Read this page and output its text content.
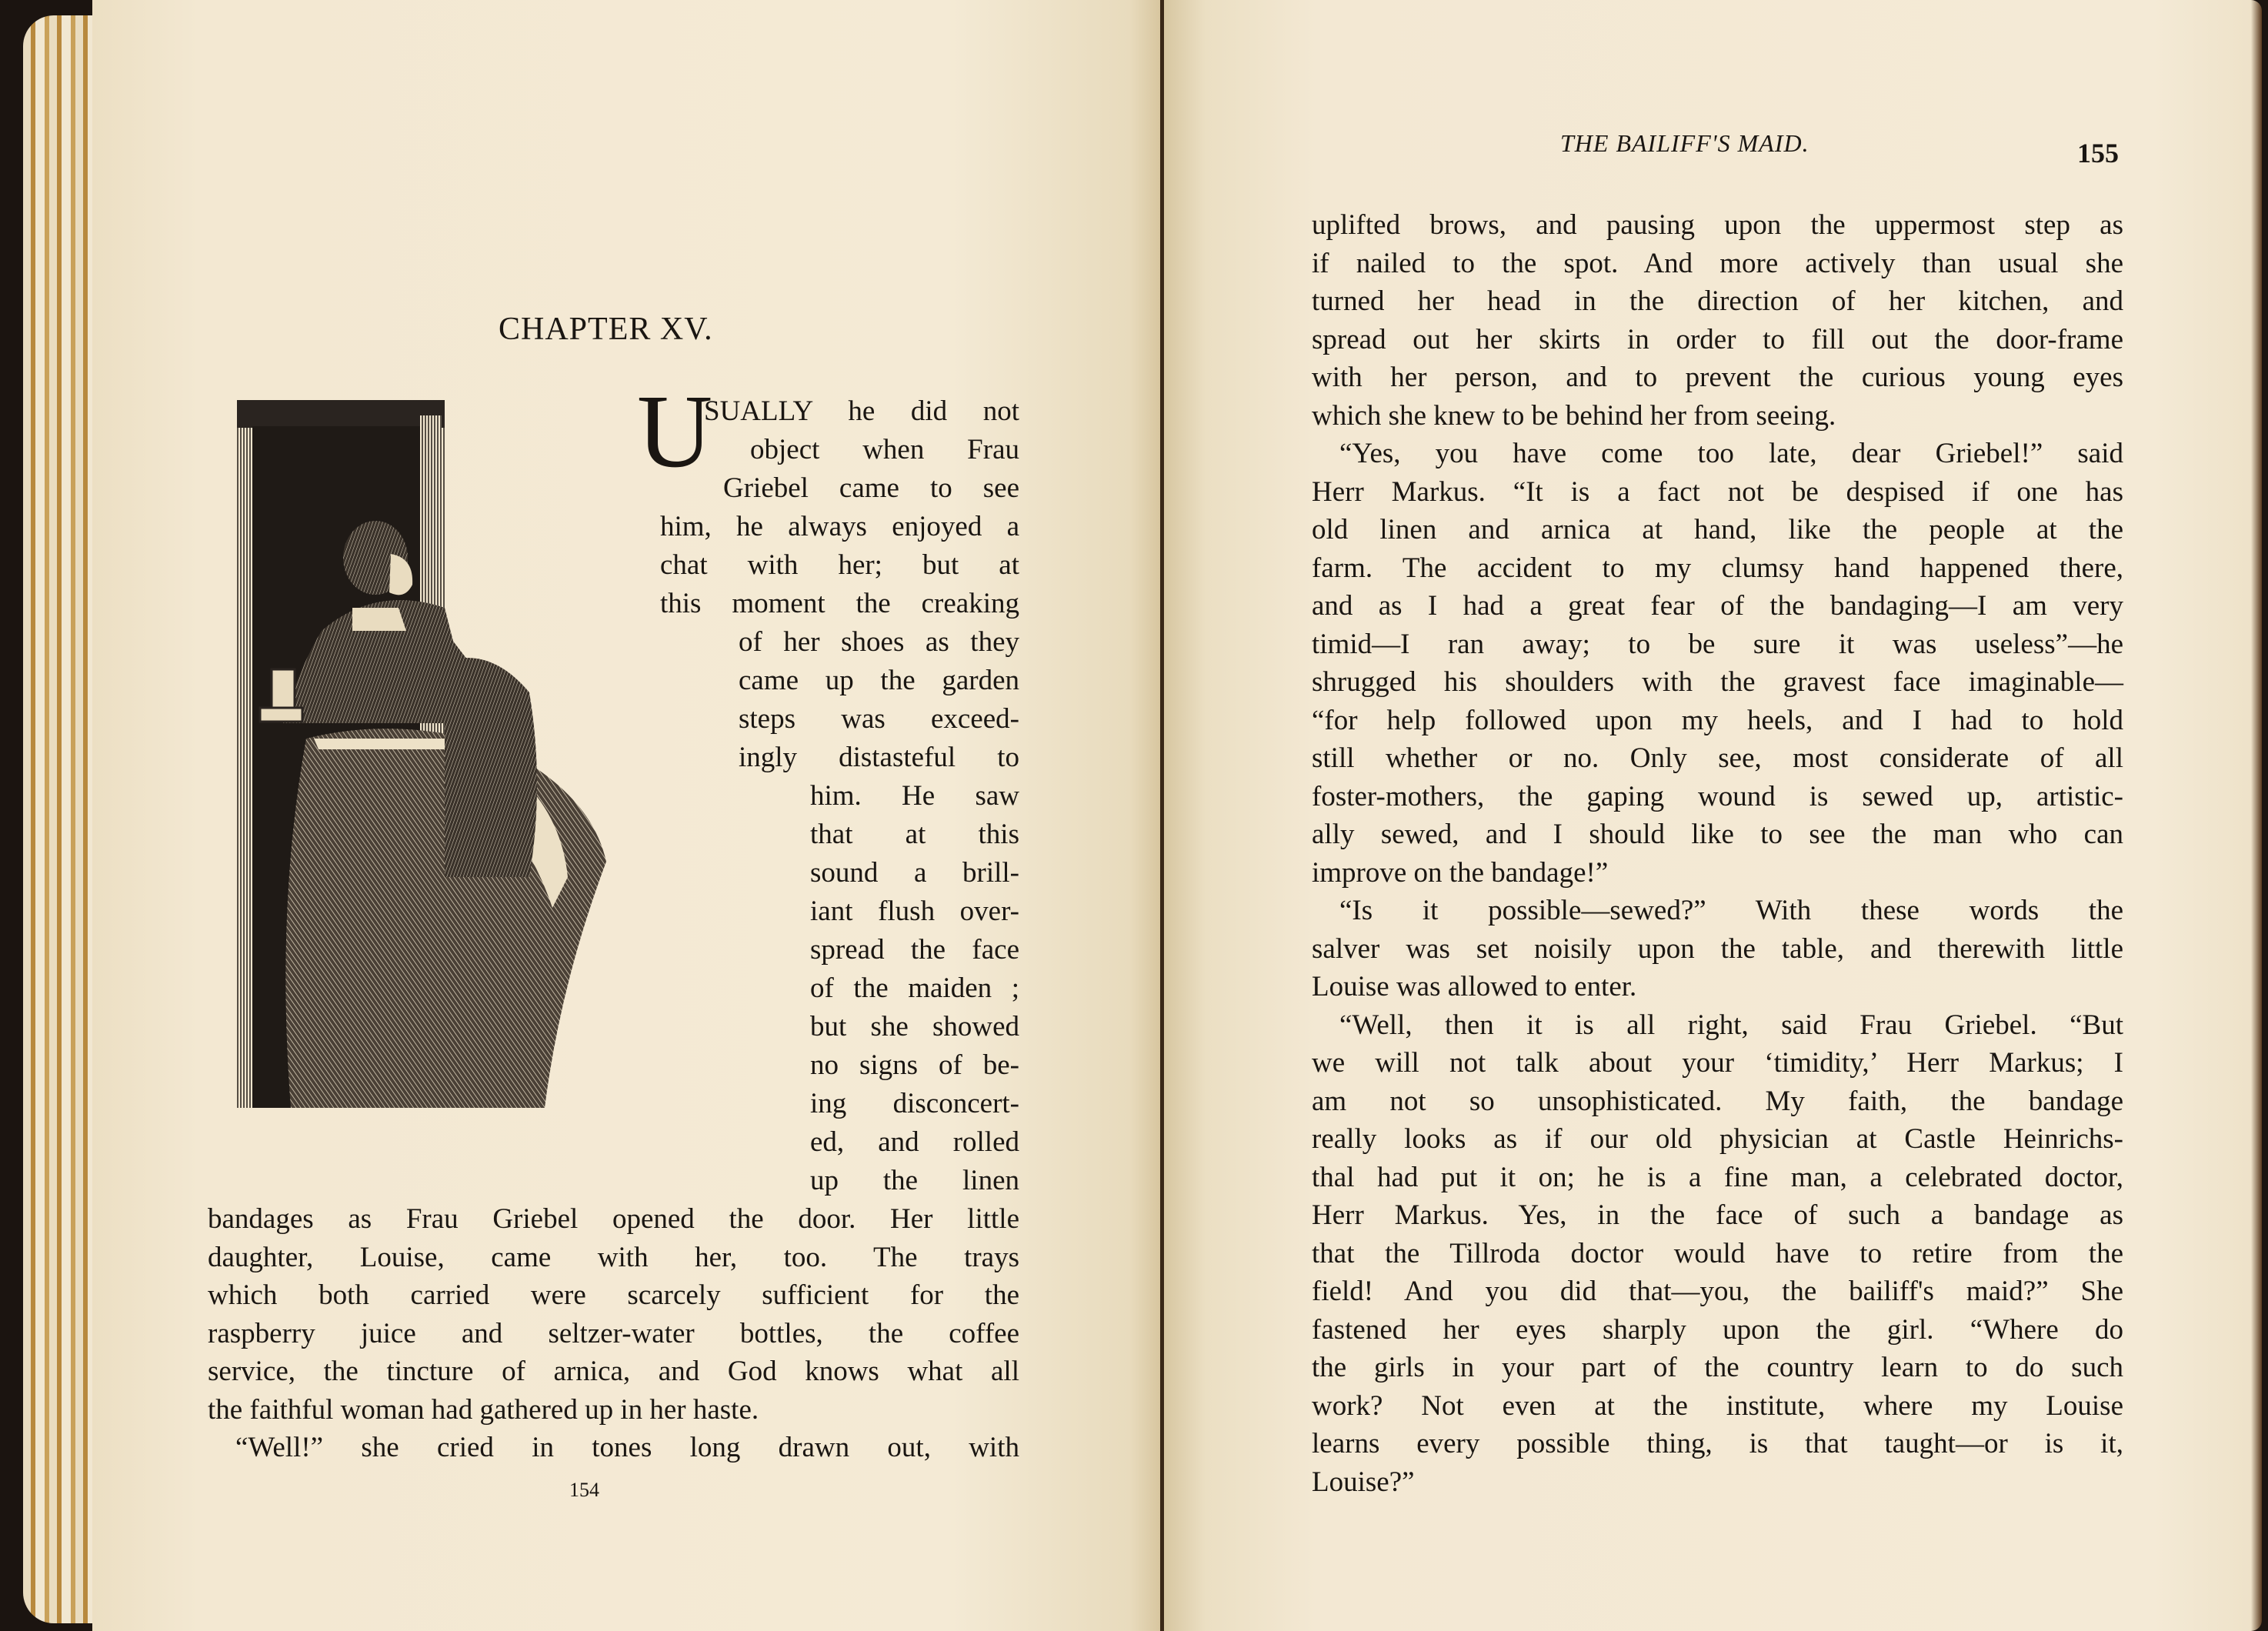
CHAPTER XV.
U
SUALLY he did not
object when Frau
Griebel came to see
him, he always enjoyed a
chat with her; but at
this moment the creaking
of her shoes as they
came up the garden
steps was exceed-
ingly distasteful to
him. He saw
that at this
sound a brill-
iant flush over-
spread the face
of the maiden ;
but she showed
no signs of be-
ing disconcert-
ed, and rolled
up the linen
bandages as Frau Griebel opened the door. Her little
daughter, Louise, came with her, too. The trays
which both carried were scarcely sufficient for the
raspberry juice and seltzer-water bottles, the coffee
service, the tincture of arnica, and God knows what all
the faithful woman had gathered up in her haste.
“Well!” she cried in tones long drawn out, with
154
THE BAILIFF'S MAID.	155
uplifted brows, and pausing upon the uppermost step as
if nailed to the spot. And more actively than usual she
turned her head in the direction of her kitchen, and
spread out her skirts in order to fill out the door-frame
with her person, and to prevent the curious young eyes
which she knew to be behind her from seeing.
“Yes, you have come too late, dear Griebel!” said
Herr Markus. “It is a fact not be despised if one has
old linen and arnica at hand, like the people at the
farm. The accident to my clumsy hand happened there,
and as I had a great fear of the bandaging—I am very
timid—I ran away; to be sure it was useless”—he
shrugged his shoulders with the gravest face imaginable—
“for help followed upon my heels, and I had to hold
still whether or no. Only see, most considerate of all
foster-mothers, the gaping wound is sewed up, artistic-
ally sewed, and I should like to see the man who can
improve on the bandage!”
“Is it possible—sewed?” With these words the
salver was set noisily upon the table, and therewith little
Louise was allowed to enter.
“Well, then it is all right, said Frau Griebel. “But
we will not talk about your ‘timidity,’ Herr Markus; I
am not so unsophisticated. My faith, the bandage
really looks as if our old physician at Castle Heinrichs-
thal had put it on; he is a fine man, a celebrated doctor,
Herr Markus. Yes, in the face of such a bandage as
that the Tillroda doctor would have to retire from the
field! And you did that—you, the bailiff's maid?” She
fastened her eyes sharply upon the girl. “Where do
the girls in your part of the country learn to do such
work? Not even at the institute, where my Louise
learns every possible thing, is that taught—or is it,
Louise?”
